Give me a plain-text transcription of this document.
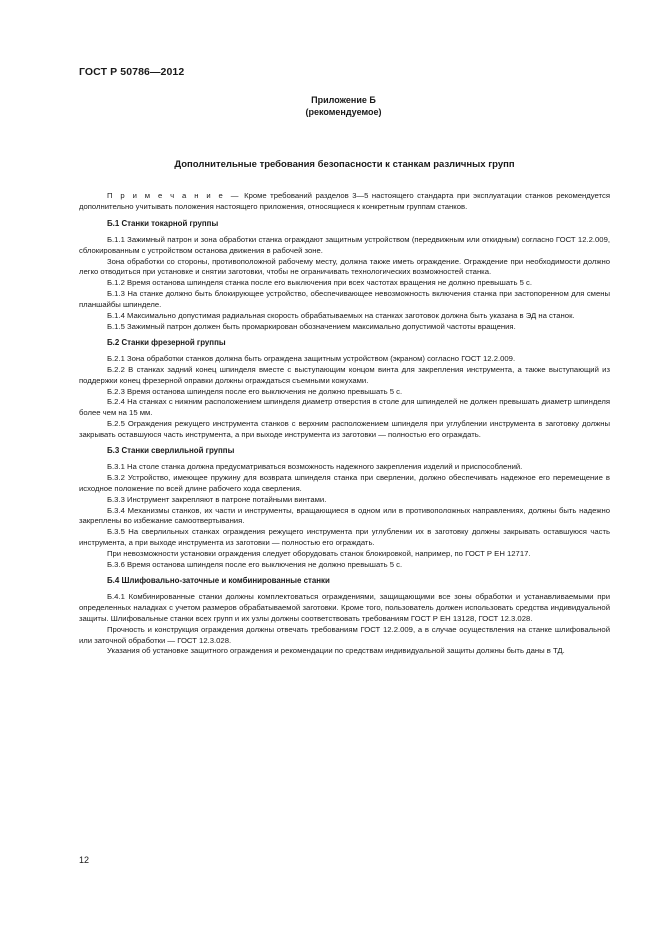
ГОСТ Р 50786—2012
Приложение Б
(рекомендуемое)
Дополнительные требования безопасности к станкам различных групп

П р и м е ч а н и е — Кроме требований разделов 3—5 настоящего стандарта при эксплуатации станков рекомендуется дополнительно учитывать положения настоящего приложения, относящиеся к конкретным группам станков.

Б.1 Станки токарной группы

Б.1.1 Зажимный патрон и зона обработки станка ограждают защитным устройством (передвижным или откидным) согласно ГОСТ 12.2.009, сблокированным с устройством останова движения в рабочей зоне.

Зона обработки со стороны, противоположной рабочему месту, должна также иметь ограждение. Ограждение при необходимости должно легко отводиться при установке и снятии заготовки, чтобы не ограничивать технологических возможностей станка.

Б.1.2 Время останова шпинделя станка после его выключения при всех частотах вращения не должно превышать 5 с.

Б.1.3 На станке должно быть блокирующее устройство, обеспечивающее невозможность включения станка при застопоренном для смены планшайбы шпинделе.

Б.1.4 Максимально допустимая радиальная скорость обрабатываемых на станках заготовок должна быть указана в ЭД на станок.

Б.1.5 Зажимный патрон должен быть промаркирован обозначением максимально допустимой частоты вращения.

Б.2 Станки фрезерной группы

Б.2.1 Зона обработки станков должна быть ограждена защитным устройством (экраном) согласно ГОСТ 12.2.009.

Б.2.2 В станках задний конец шпинделя вместе с выступающим концом винта для закрепления инструмента, а также выступающий из поддержки конец фрезерной оправки должны ограждаться съемными кожухами.

Б.2.3 Время останова шпинделя после его выключения не должно превышать 5 с.

Б.2.4 На станках с нижним расположением шпинделя диаметр отверстия в столе для шпинделей не должен превышать диаметр шпинделя более чем на 15 мм.

Б.2.5 Ограждения режущего инструмента станков с верхним расположением шпинделя при углублении инструмента в заготовку должны закрывать оставшуюся часть инструмента, а при выходе инструмента из заготовки — полностью его ограждать.

Б.3 Станки сверлильной группы

Б.3.1 На столе станка должна предусматриваться возможность надежного закрепления изделий и приспособлений.

Б.3.2 Устройство, имеющее пружину для возврата шпинделя станка при сверлении, должно обеспечивать надежное его перемещение в исходное положение по всей длине рабочего хода сверления.

Б.3.3 Инструмент закрепляют в патроне потайными винтами.

Б.3.4 Механизмы станков, их части и инструменты, вращающиеся в одном или в противоположных направлениях, должны быть надежно закреплены во избежание самоотвертывания.

Б.3.5 На сверлильных станках ограждения режущего инструмента при углублении их в заготовку должны закрывать оставшуюся часть инструмента, а при выходе инструмента из заготовки — полностью его ограждать.

При невозможности установки ограждения следует оборудовать станок блокировкой, например, по ГОСТ Р ЕН 12717.

Б.3.6 Время останова шпинделя после его выключения не должно превышать 5 с.

Б.4 Шлифовально-заточные и комбинированные станки

Б.4.1 Комбинированные станки должны комплектоваться ограждениями, защищающими все зоны обработки и устанавливаемыми при определенных наладках с учетом размеров обрабатываемой заготовки. Кроме того, пользователь должен использовать средства индивидуальной защиты. Шлифовальные станки всех групп и их узлы должны соответствовать требованиям ГОСТ Р ЕН 13128, ГОСТ 12.3.028.

Прочность и конструкция ограждения должны отвечать требованиям ГОСТ 12.2.009, а в случае осуществления на станке шлифовальной или заточной обработки — ГОСТ 12.3.028.

Указания об установке защитного ограждения и рекомендации по средствам индивидуальной защиты должны быть даны в ТД.

12
